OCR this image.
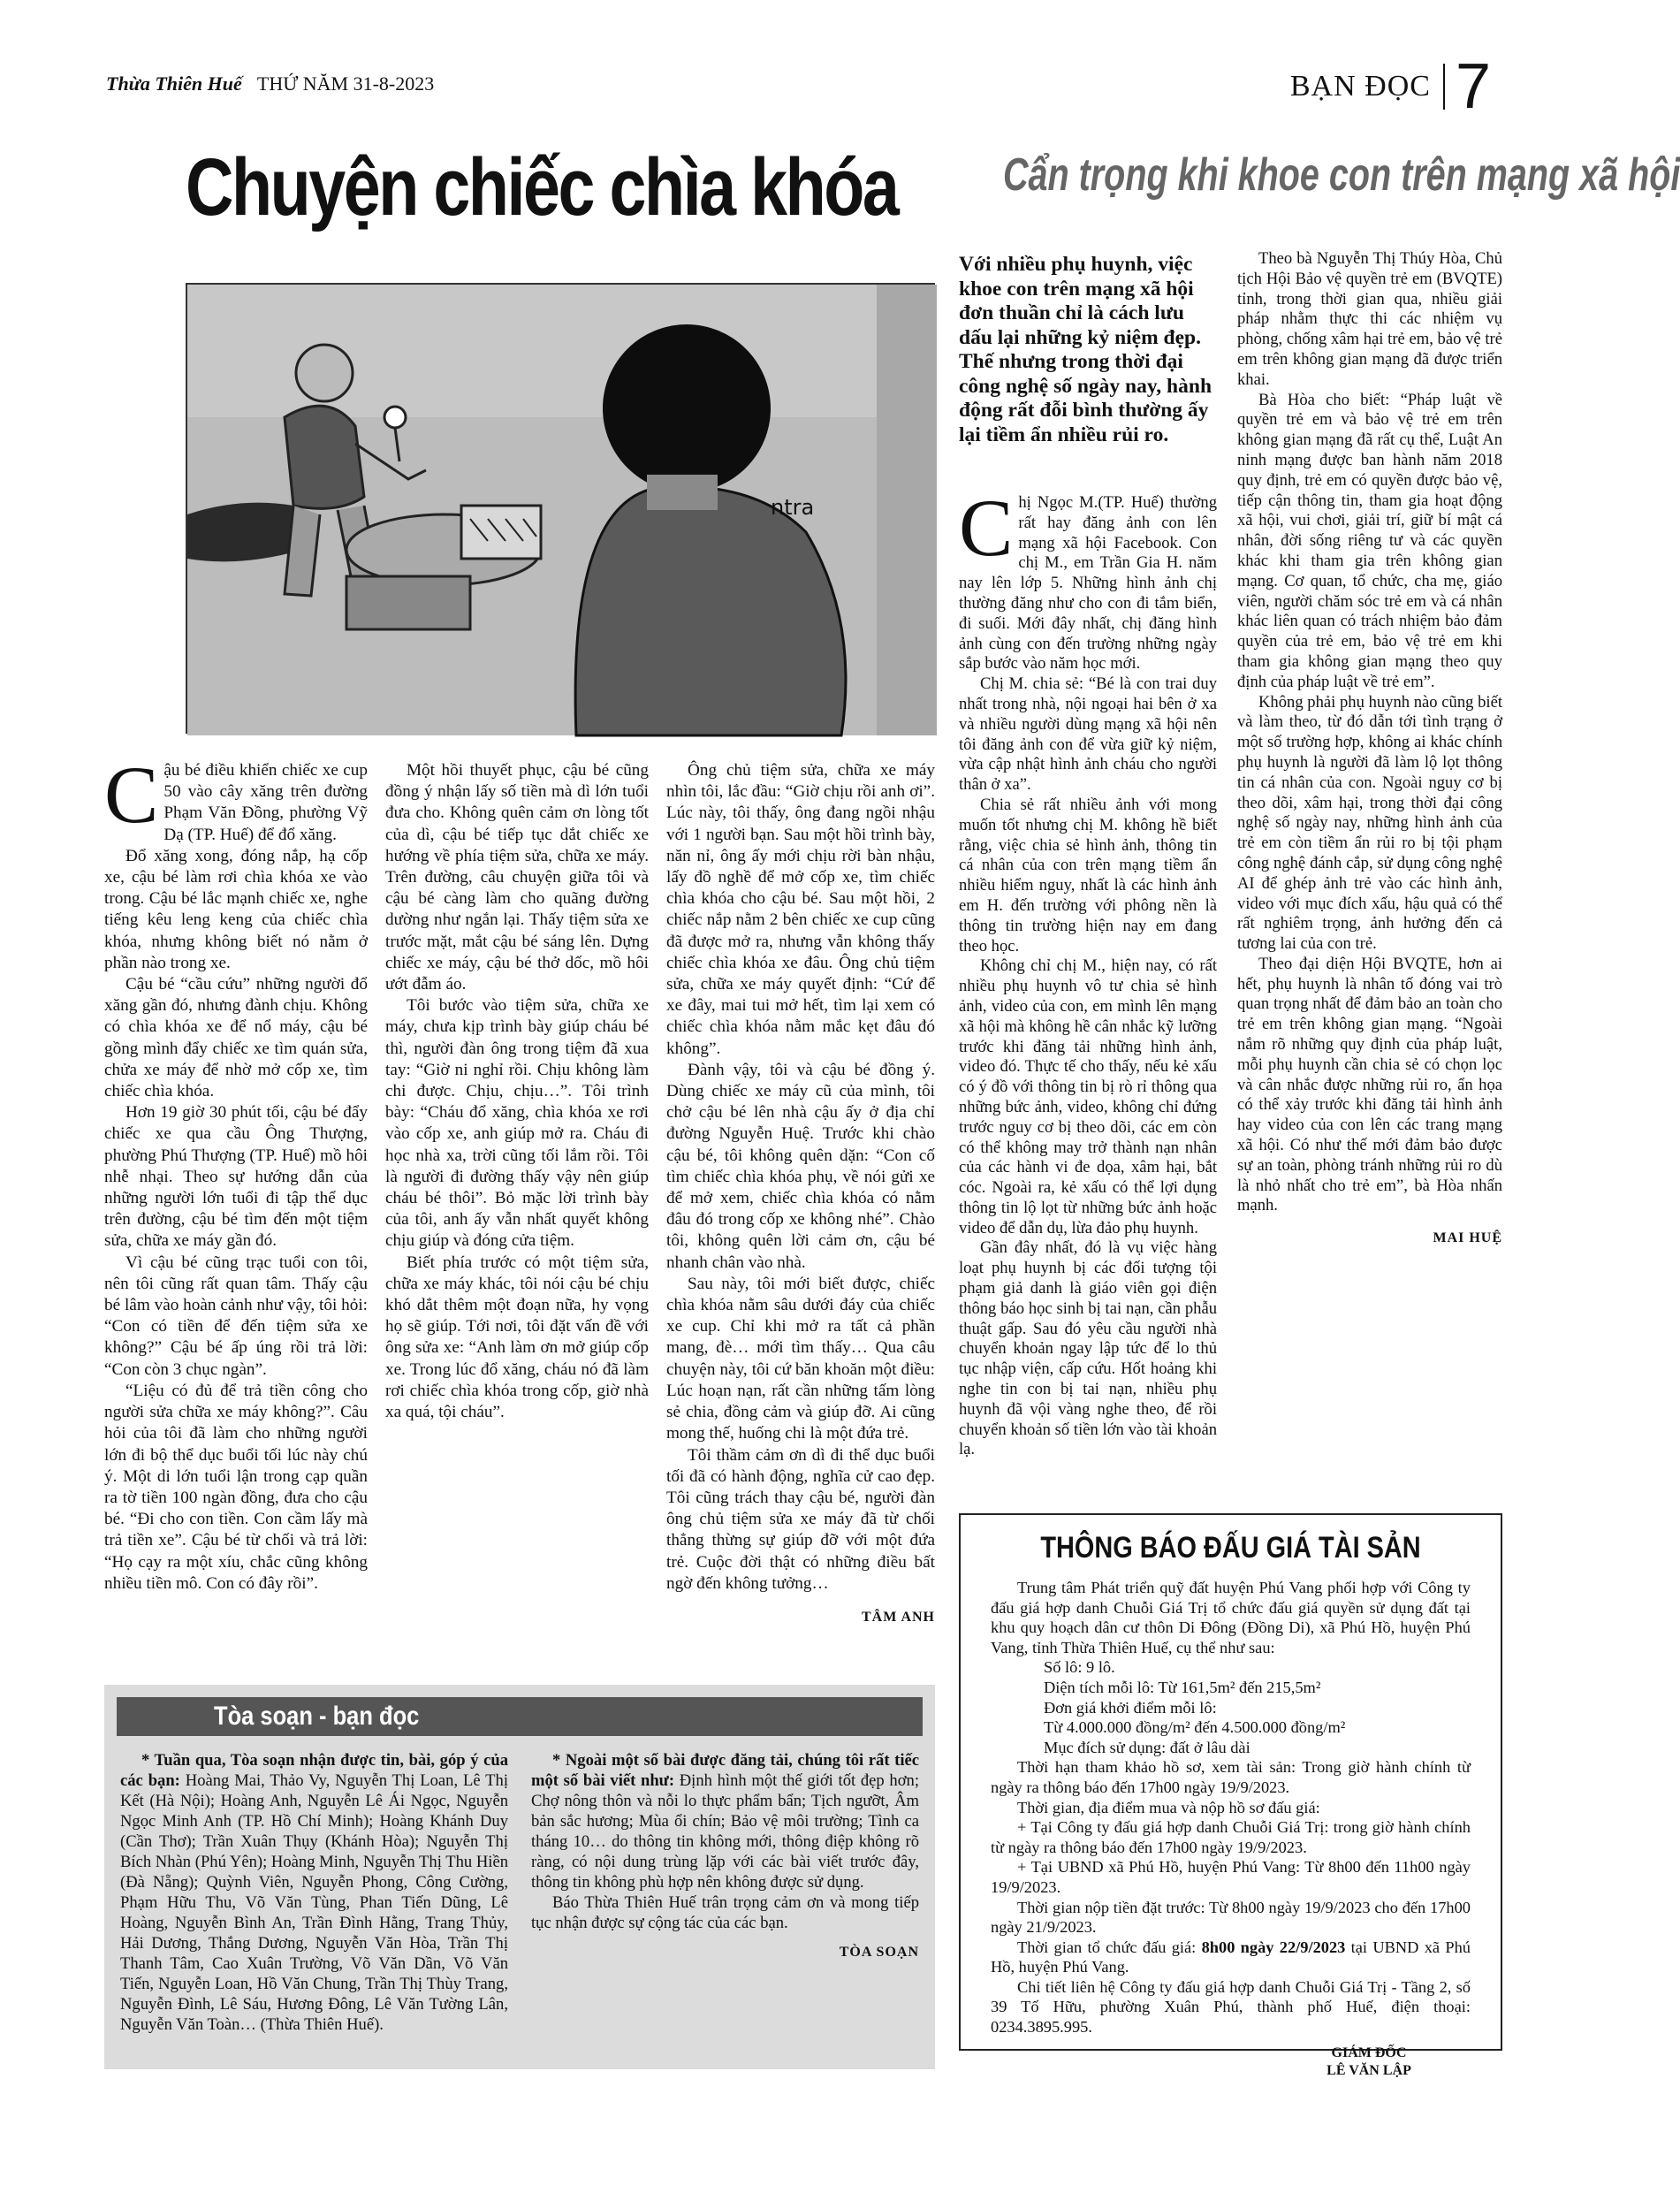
Thừa Thiên Huế THỨ NĂM 31-8-2023	BẠN ĐỌC 7
Chuyện chiếc chìa khóa Cẩn trọng khi khoe con trên mạng xã hội
ntra

Cậu bé điều khiển chiếc xe cup 50 vào cây xăng trên đường Phạm Văn Đồng, phường Vỹ Dạ (TP. Huế) để đổ xăng.

Đổ xăng xong, đóng nắp, hạ cốp xe, cậu bé làm rơi chìa khóa xe vào trong. Cậu bé lắc mạnh chiếc xe, nghe tiếng kêu leng keng của chiếc chìa khóa, nhưng không biết nó nằm ở phần nào trong xe.

Cậu bé “cầu cứu” những người đổ xăng gần đó, nhưng đành chịu. Không có chìa khóa xe để nổ máy, cậu bé gồng mình đẩy chiếc xe tìm quán sửa, chửa xe máy để nhờ mở cốp xe, tìm chiếc chìa khóa.

Hơn 19 giờ 30 phút tối, cậu bé đẩy chiếc xe qua cầu Ông Thượng, phường Phú Thượng (TP. Huế) mồ hôi nhễ nhại. Theo sự hướng dẫn của những người lớn tuổi đi tập thể dục trên đường, cậu bé tìm đến một tiệm sửa, chữa xe máy gần đó.

Vì cậu bé cũng trạc tuổi con tôi, nên tôi cũng rất quan tâm. Thấy cậu bé lâm vào hoàn cảnh như vậy, tôi hỏi: “Con có tiền để đến tiệm sửa xe không?” Cậu bé ấp úng rồi trả lời: “Con còn 3 chục ngàn”.

“Liệu có đủ để trả tiền công cho người sửa chữa xe máy không?”. Câu hỏi của tôi đã làm cho những người lớn đi bộ thể dục buổi tối lúc này chú ý. Một di lớn tuổi lận trong cạp quần ra tờ tiền 100 ngàn đồng, đưa cho cậu bé. “Đi cho con tiền. Con cầm lấy mà trả tiền xe”. Cậu bé từ chối và trả lời: “Họ cạy ra một xíu, chắc cũng không nhiều tiền mô. Con có đây rồi”.

Một hồi thuyết phục, cậu bé cũng đồng ý nhận lấy số tiền mà dì lớn tuổi đưa cho. Không quên cảm ơn lòng tốt của dì, cậu bé tiếp tục dắt chiếc xe hướng về phía tiệm sửa, chữa xe máy. Trên đường, câu chuyện giữa tôi và cậu bé càng làm cho quãng đường dường như ngắn lại. Thấy tiệm sửa xe trước mặt, mắt cậu bé sáng lên. Dựng chiếc xe máy, cậu bé thở dốc, mồ hôi ướt đẫm áo.

Tôi bước vào tiệm sửa, chữa xe máy, chưa kịp trình bày giúp cháu bé thì, người đàn ông trong tiệm đã xua tay: “Giờ ni nghỉ rồi. Chịu không làm chi được. Chịu, chịu…”. Tôi trình bày: “Cháu đổ xăng, chìa khóa xe rơi vào cốp xe, anh giúp mở ra. Cháu đi học nhà xa, trời cũng tối lắm rồi. Tôi là người đi đường thấy vậy nên giúp cháu bé thôi”. Bỏ mặc lời trình bày của tôi, anh ấy vẫn nhất quyết không chịu giúp và đóng cửa tiệm.

Biết phía trước có một tiệm sửa, chữa xe máy khác, tôi nói cậu bé chịu khó dắt thêm một đoạn nữa, hy vọng họ sẽ giúp. Tới nơi, tôi đặt vấn đề với ông sửa xe: “Anh làm ơn mở giúp cốp xe. Trong lúc đổ xăng, cháu nó đã làm rơi chiếc chìa khóa trong cốp, giờ nhà xa quá, tội cháu”.

Ông chủ tiệm sửa, chữa xe máy nhìn tôi, lắc đầu: “Giờ chịu rồi anh ơi”. Lúc này, tôi thấy, ông đang ngồi nhậu với 1 người bạn. Sau một hồi trình bày, năn nỉ, ông ấy mới chịu rời bàn nhậu, lấy đồ nghề để mở cốp xe, tìm chiếc chìa khóa cho cậu bé. Sau một hồi, 2 chiếc nắp nằm 2 bên chiếc xe cup cũng đã được mở ra, nhưng vẫn không thấy chiếc chìa khóa xe đâu. Ông chủ tiệm sửa, chữa xe máy quyết định: “Cứ để xe đây, mai tui mở hết, tìm lại xem có chiếc chìa khóa nằm mắc kẹt đâu đó không”.

Đành vậy, tôi và cậu bé đồng ý. Dùng chiếc xe máy cũ của mình, tôi chở cậu bé lên nhà cậu ấy ở địa chỉ đường Nguyễn Huệ. Trước khi chào cậu bé, tôi không quên dặn: “Con cố tìm chiếc chìa khóa phụ, về nói gửi xe để mở xem, chiếc chìa khóa có nằm đâu đó trong cốp xe không nhé”. Chào tôi, không quên lời cảm ơn, cậu bé nhanh chân vào nhà.

Sau này, tôi mới biết được, chiếc chìa khóa nằm sâu dưới đáy của chiếc xe cup. Chỉ khi mở ra tất cả phần mang, đè… mới tìm thấy… Qua câu chuyện này, tôi cứ băn khoăn một điều: Lúc hoạn nạn, rất cần những tấm lòng sẻ chia, đồng cảm và giúp đỡ. Ai cũng mong thế, huống chi là một đứa trẻ.

Tôi thầm cảm ơn dì đi thể dục buổi tối đã có hành động, nghĩa cử cao đẹp. Tôi cũng trách thay cậu bé, người đàn ông chủ tiệm sửa xe máy đã từ chối thẳng thừng sự giúp đỡ với một đứa trẻ. Cuộc đời thật có những điều bất ngờ đến không tưởng…

TÂM ANH
Với nhiều phụ huynh, việc khoe con trên mạng xã hội đơn thuần chỉ là cách lưu dấu lại những kỷ niệm đẹp. Thế nhưng trong thời đại công nghệ số ngày nay, hành động rất đỗi bình thường ấy lại tiềm ẩn nhiều rủi ro.

Chị Ngọc M.(TP. Huế) thường rất hay đăng ảnh con lên mạng xã hội Facebook. Con chị M., em Trần Gia H. năm nay lên lớp 5. Những hình ảnh chị thường đăng như cho con đi tắm biển, đi suối. Mới đây nhất, chị đăng hình ảnh cùng con đến trường những ngày sắp bước vào năm học mới.

Chị M. chia sẻ: “Bé là con trai duy nhất trong nhà, nội ngoại hai bên ở xa và nhiều người dùng mạng xã hội nên tôi đăng ảnh con để vừa giữ kỷ niệm, vừa cập nhật hình ảnh cháu cho người thân ở xa”.

Chia sẻ rất nhiều ảnh với mong muốn tốt nhưng chị M. không hề biết rằng, việc chia sẻ hình ảnh, thông tin cá nhân của con trên mạng tiềm ẩn nhiều hiểm nguy, nhất là các hình ảnh em H. đến trường với phông nền là thông tin trường hiện nay em đang theo học.

Không chỉ chị M., hiện nay, có rất nhiều phụ huynh vô tư chia sẻ hình ảnh, video của con, em mình lên mạng xã hội mà không hề cân nhắc kỹ lưỡng trước khi đăng tải những hình ảnh, video đó. Thực tế cho thấy, nếu kẻ xấu có ý đồ với thông tin bị rò rỉ thông qua những bức ảnh, video, không chỉ đứng trước nguy cơ bị theo dõi, các em còn có thể không may trở thành nạn nhân của các hành vi đe dọa, xâm hại, bắt cóc. Ngoài ra, kẻ xấu có thể lợi dụng thông tin lộ lọt từ những bức ảnh hoặc video để dẫn dụ, lừa đảo phụ huynh.

Gần đây nhất, đó là vụ việc hàng loạt phụ huynh bị các đối tượng tội phạm giả danh là giáo viên gọi điện thông báo học sinh bị tai nạn, cần phẫu thuật gấp. Sau đó yêu cầu người nhà chuyển khoản ngay lập tức để lo thủ tục nhập viện, cấp cứu. Hốt hoảng khi nghe tin con bị tai nạn, nhiều phụ huynh đã vội vàng nghe theo, để rồi chuyển khoản số tiền lớn vào tài khoản lạ.

Theo bà Nguyễn Thị Thúy Hòa, Chủ tịch Hội Bảo vệ quyền trẻ em (BVQTE) tỉnh, trong thời gian qua, nhiều giải pháp nhằm thực thi các nhiệm vụ phòng, chống xâm hại trẻ em, bảo vệ trẻ em trên không gian mạng đã được triển khai.

Bà Hòa cho biết: “Pháp luật về quyền trẻ em và bảo vệ trẻ em trên không gian mạng đã rất cụ thể, Luật An ninh mạng được ban hành năm 2018 quy định, trẻ em có quyền được bảo vệ, tiếp cận thông tin, tham gia hoạt động xã hội, vui chơi, giải trí, giữ bí mật cá nhân, đời sống riêng tư và các quyền khác khi tham gia trên không gian mạng. Cơ quan, tổ chức, cha mẹ, giáo viên, người chăm sóc trẻ em và cá nhân khác liên quan có trách nhiệm bảo đảm quyền của trẻ em, bảo vệ trẻ em khi tham gia không gian mạng theo quy định của pháp luật về trẻ em”.

Không phải phụ huynh nào cũng biết và làm theo, từ đó dẫn tới tình trạng ở một số trường hợp, không ai khác chính phụ huynh là người đã làm lộ lọt thông tin cá nhân của con. Ngoài nguy cơ bị theo dõi, xâm hại, trong thời đại công nghệ số ngày nay, những hình ảnh của trẻ em còn tiềm ẩn rủi ro bị tội phạm công nghệ đánh cắp, sử dụng công nghệ AI để ghép ảnh trẻ vào các hình ảnh, video với mục đích xấu, hậu quả có thể rất nghiêm trọng, ảnh hưởng đến cả tương lai của con trẻ.

Theo đại diện Hội BVQTE, hơn ai hết, phụ huynh là nhân tố đóng vai trò quan trọng nhất để đảm bảo an toàn cho trẻ em trên không gian mạng. “Ngoài nắm rõ những quy định của pháp luật, mỗi phụ huynh cần chia sẻ có chọn lọc và cân nhắc được những rủi ro, ẩn họa có thể xảy trước khi đăng tải hình ảnh hay video của con lên các trang mạng xã hội. Có như thế mới đảm bảo được sự an toàn, phòng tránh những rủi ro dù là nhỏ nhất cho trẻ em”, bà Hòa nhấn mạnh.

MAI HUỆ
THÔNG BÁO ĐẤU GIÁ TÀI SẢN

Trung tâm Phát triển quỹ đất huyện Phú Vang phối hợp với Công ty đấu giá hợp danh Chuỗi Giá Trị tổ chức đấu giá quyền sử dụng đất tại khu quy hoạch dân cư thôn Di Đông (Đồng Di), xã Phú Hồ, huyện Phú Vang, tỉnh Thừa Thiên Huế, cụ thể như sau:

Số lô: 9 lô.

Diện tích mỗi lô: Từ 161,5m² đến 215,5m²

Đơn giá khởi điểm mỗi lô:

Từ 4.000.000 đồng/m² đến 4.500.000 đồng/m²

Mục đích sử dụng: đất ở lâu dài

Thời hạn tham khảo hồ sơ, xem tài sản: Trong giờ hành chính từ ngày ra thông báo đến 17h00 ngày 19/9/2023.

Thời gian, địa điểm mua và nộp hồ sơ đấu giá:

+ Tại Công ty đấu giá hợp danh Chuỗi Giá Trị: trong giờ hành chính từ ngày ra thông báo đến 17h00 ngày 19/9/2023.

+ Tại UBND xã Phú Hồ, huyện Phú Vang: Từ 8h00 đến 11h00 ngày 19/9/2023.

Thời gian nộp tiền đặt trước: Từ 8h00 ngày 19/9/2023 cho đến 17h00 ngày 21/9/2023.

Thời gian tổ chức đấu giá: 8h00 ngày 22/9/2023 tại UBND xã Phú Hồ, huyện Phú Vang.

Chi tiết liên hệ Công ty đấu giá hợp danh Chuỗi Giá Trị - Tầng 2, số 39 Tố Hữu, phường Xuân Phú, thành phố Huế, điện thoại: 0234.3895.995.

GIÁM ĐỐC
LÊ VĂN LẬP

Tòa soạn - bạn đọc

* Tuần qua, Tòa soạn nhận được tin, bài, góp ý của các bạn: Hoàng Mai, Thảo Vy, Nguyễn Thị Loan, Lê Thị Kết (Hà Nội); Hoàng Anh, Nguyễn Lê Ái Ngọc, Nguyễn Ngọc Minh Anh (TP. Hồ Chí Minh); Hoàng Khánh Duy (Cần Thơ); Trần Xuân Thụy (Khánh Hòa); Nguyễn Thị Bích Nhàn (Phú Yên); Hoàng Minh, Nguyễn Thị Thu Hiền (Đà Nẵng); Quỳnh Viên, Nguyễn Phong, Công Cường, Phạm Hữu Thu, Võ Văn Tùng, Phan Tiến Dũng, Lê Hoàng, Nguyễn Bình An, Trần Đình Hằng, Trang Thủy, Hải Dương, Thắng Dương, Nguyễn Văn Hòa, Trần Thị Thanh Tâm, Cao Xuân Trường, Võ Văn Dần, Võ Văn Tiến, Nguyễn Loan, Hồ Văn Chung, Trần Thị Thùy Trang, Nguyễn Đình, Lê Sáu, Hương Đông, Lê Văn Tường Lân, Nguyễn Văn Toàn… (Thừa Thiên Huế).

* Ngoài một số bài được đăng tải, chúng tôi rất tiếc một số bài viết như: Định hình một thế giới tốt đẹp hơn; Chợ nông thôn và nỗi lo thực phẩm bẩn; Tịch ngưỡt, Âm bản sắc hương; Mùa ổi chín; Bảo vệ môi trường; Tình ca tháng 10… do thông tin không mới, thông điệp không rõ ràng, có nội dung trùng lặp với các bài viết trước đây, thông tin không phù hợp nên không được sử dụng.

Báo Thừa Thiên Huế trân trọng cảm ơn và mong tiếp tục nhận được sự cộng tác của các bạn.

TÒA SOẠN
